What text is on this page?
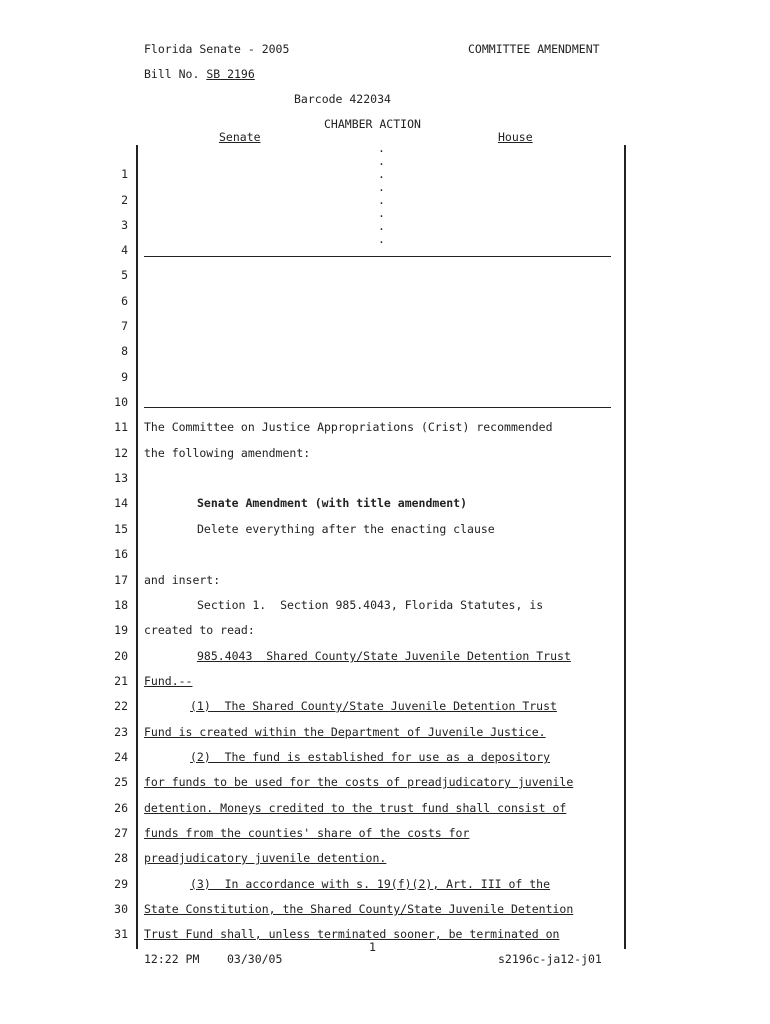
Florida Senate - 2005	COMMITTEE AMENDMENT
Bill No. SB 2196
Barcode 422034
CHAMBER ACTION
Senate	House
.
.
.
.
.
.
.
.
1
2
3
4
5
6
7
8
9
10
11
12
13
14
15
16
17
18
19
20
21
22
23
24
25
26
27
28
29
30
31
The Committee on Justice Appropriations (Crist) recommended
the following amendment:
Senate Amendment (with title amendment)
Delete everything after the enacting clause
and insert:
Section 1.  Section 985.4043, Florida Statutes, is
created to read:
985.4043  Shared County/State Juvenile Detention Trust
Fund.--
(1)  The Shared County/State Juvenile Detention Trust
Fund is created within the Department of Juvenile Justice.
(2)  The fund is established for use as a depository
for funds to be used for the costs of preadjudicatory juvenile
detention. Moneys credited to the trust fund shall consist of
funds from the counties' share of the costs for
preadjudicatory juvenile detention.
(3)  In accordance with s. 19(f)(2), Art. III of the
State Constitution, the Shared County/State Juvenile Detention
Trust Fund shall, unless terminated sooner, be terminated on
1
12:22 PM 03/30/05	s2196c-ja12-j01
